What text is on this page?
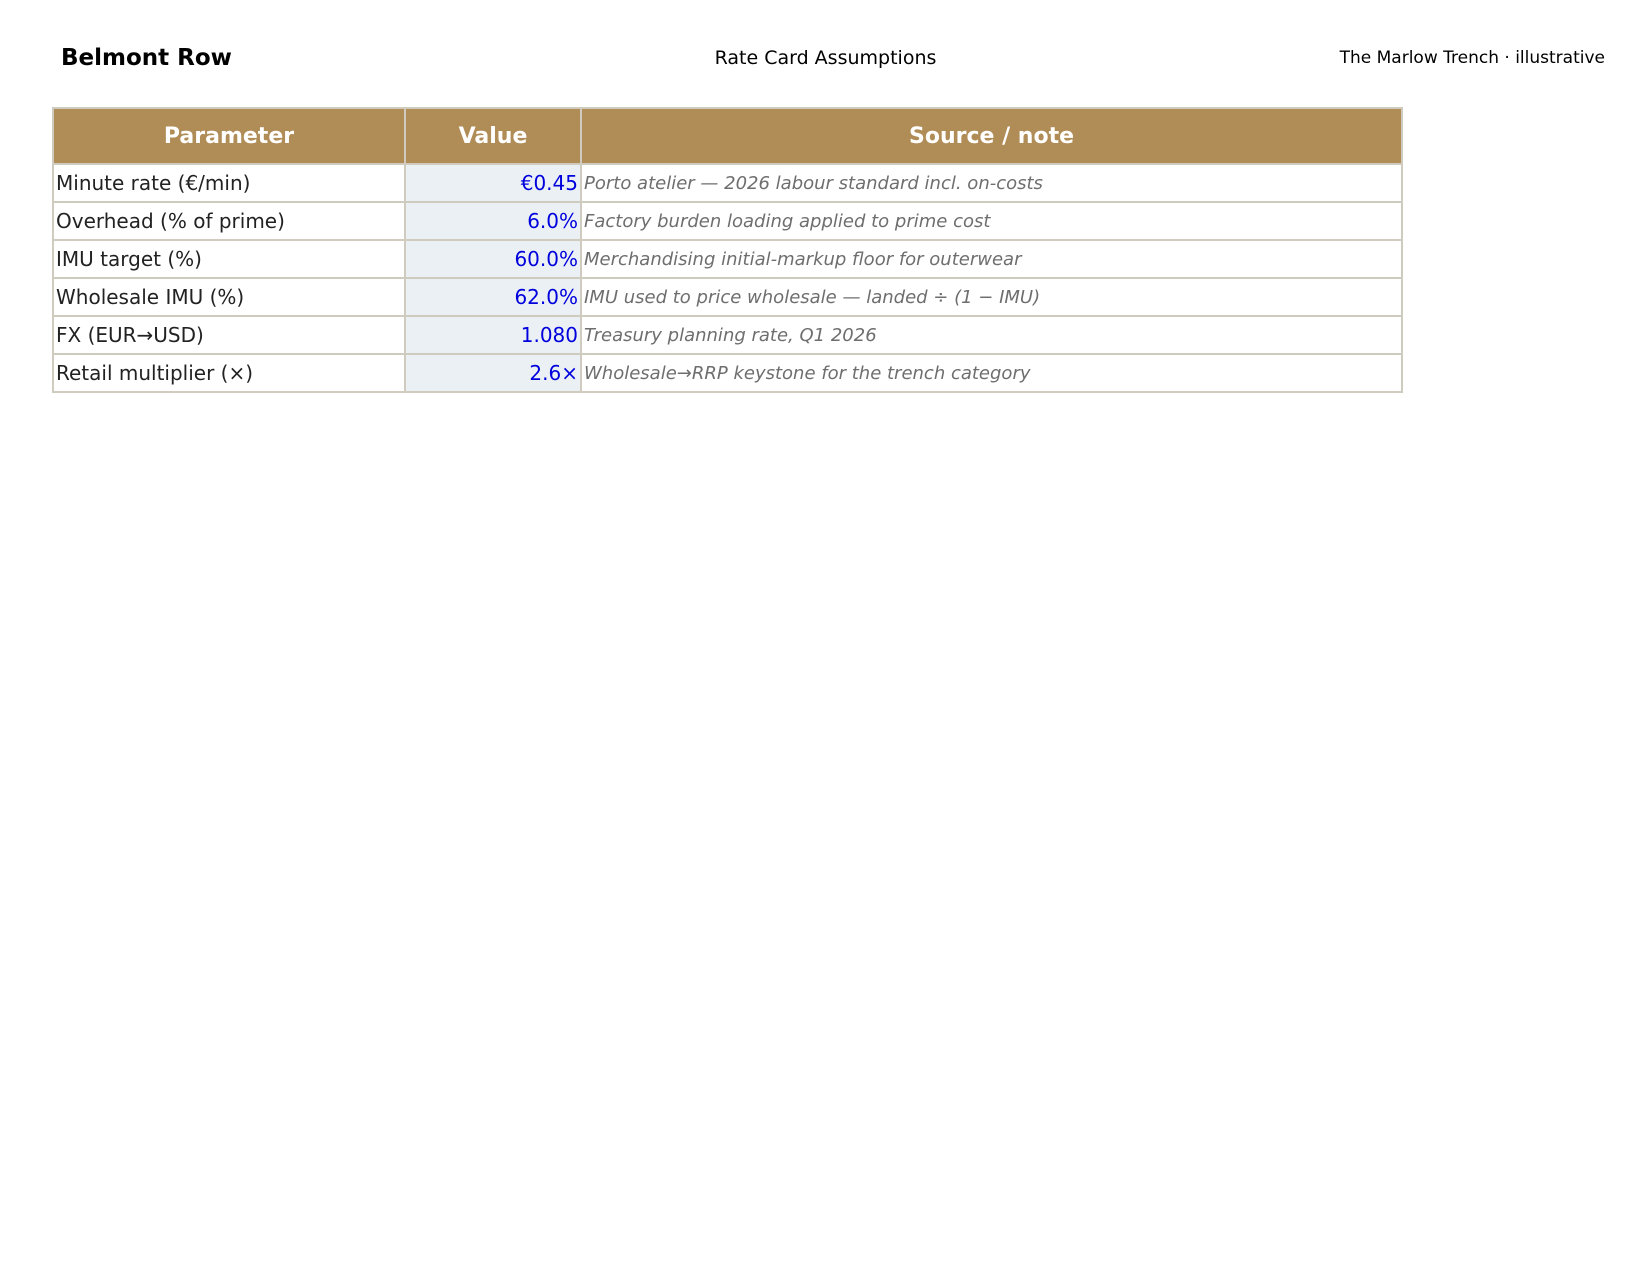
Belmont Row	Rate Card Assumptions	The Marlow Trench · illustrative
Parameter	Value	Source / note
Minute rate (€/min)	€0.45	Porto atelier — 2026 labour standard incl. on-costs
Overhead (% of prime)	6.0%	Factory burden loading applied to prime cost
IMU target (%)	60.0%	Merchandising initial-markup floor for outerwear
Wholesale IMU (%)	62.0%	IMU used to price wholesale — landed ÷ (1 − IMU)
FX (EUR→USD)	1.080	Treasury planning rate, Q1 2026
Retail multiplier (×)	2.6×	Wholesale→RRP keystone for the trench category
